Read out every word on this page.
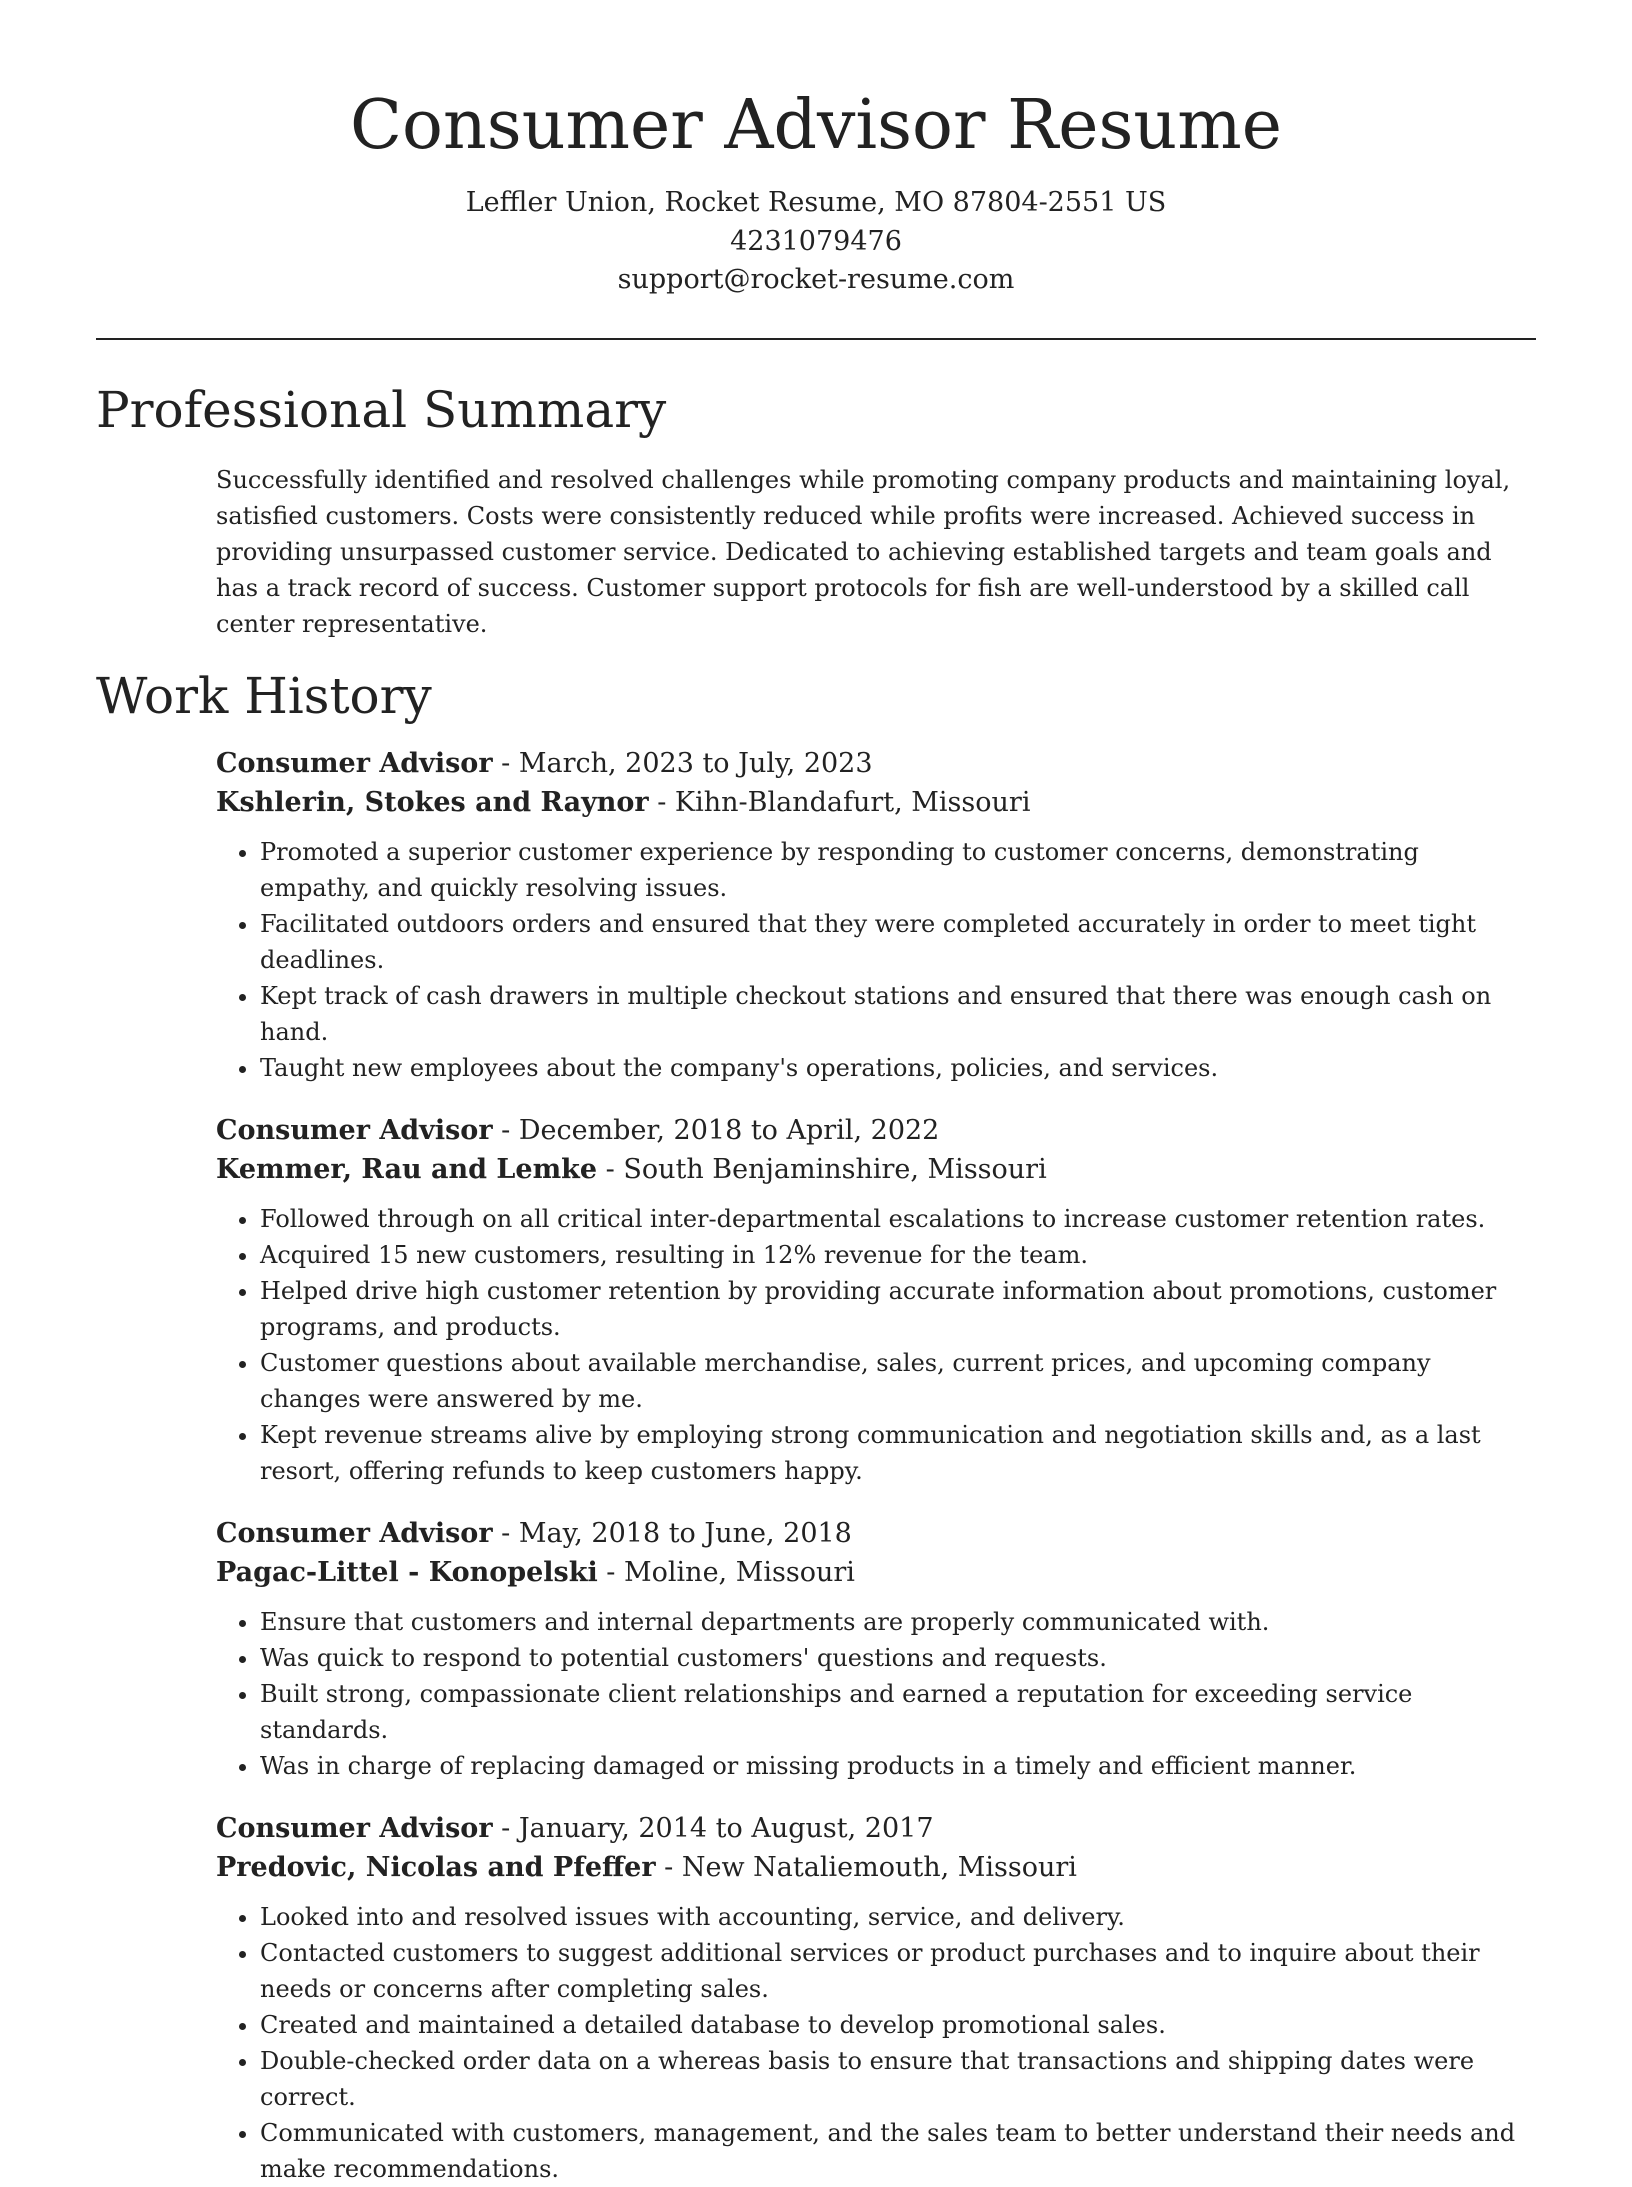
Consumer Advisor Resume
Leffler Union, Rocket Resume, MO 87804-2551 US
4231079476
support@rocket-resume.com
Professional Summary

Successfully identified and resolved challenges while promoting company products and maintaining loyal, satisfied customers. Costs were consistently reduced while profits were increased. Achieved success in providing unsurpassed customer service. Dedicated to achieving established targets and team goals and has a track record of success. Customer support protocols for fish are well-understood by a skilled call center representative.

Work History
Consumer Advisor - March, 2023 to July, 2023
Kshlerin, Stokes and Raynor - Kihn-Blandafurt, Missouri
• Promoted a superior customer experience by responding to customer concerns, demonstrating empathy, and quickly resolving issues.
• Facilitated outdoors orders and ensured that they were completed accurately in order to meet tight deadlines.
• Kept track of cash drawers in multiple checkout stations and ensured that there was enough cash on hand.
• Taught new employees about the company's operations, policies, and services.
Consumer Advisor - December, 2018 to April, 2022
Kemmer, Rau and Lemke - South Benjaminshire, Missouri
• Followed through on all critical inter-departmental escalations to increase customer retention rates.
• Acquired 15 new customers, resulting in 12% revenue for the team.
• Helped drive high customer retention by providing accurate information about promotions, customer programs, and products.
• Customer questions about available merchandise, sales, current prices, and upcoming company changes were answered by me.
• Kept revenue streams alive by employing strong communication and negotiation skills and, as a last resort, offering refunds to keep customers happy.
Consumer Advisor - May, 2018 to June, 2018
Pagac-Littel - Konopelski - Moline, Missouri
• Ensure that customers and internal departments are properly communicated with.
• Was quick to respond to potential customers' questions and requests.
• Built strong, compassionate client relationships and earned a reputation for exceeding service standards.
• Was in charge of replacing damaged or missing products in a timely and efficient manner.
Consumer Advisor - January, 2014 to August, 2017
Predovic, Nicolas and Pfeffer - New Nataliemouth, Missouri
• Looked into and resolved issues with accounting, service, and delivery.
• Contacted customers to suggest additional services or product purchases and to inquire about their needs or concerns after completing sales.
• Created and maintained a detailed database to develop promotional sales.
• Double-checked order data on a whereas basis to ensure that transactions and shipping dates were correct.
• Communicated with customers, management, and the sales team to better understand their needs and make recommendations.
